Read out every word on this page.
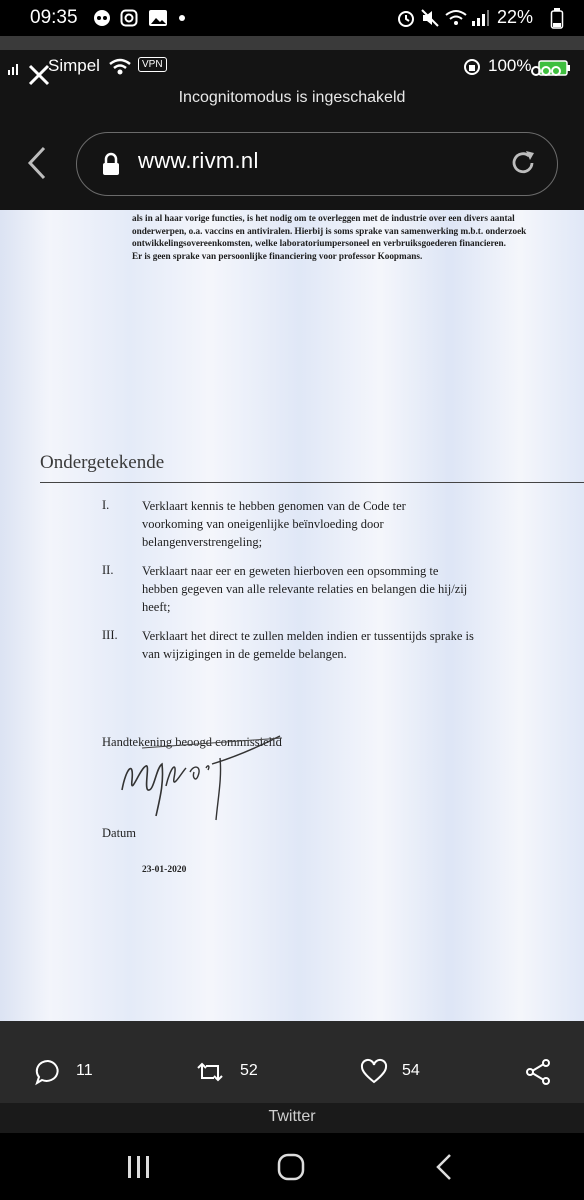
09:35	22%
Simpel	VPN	100%
Incognitomodus is ingeschakeld
www.rivm.nl
als in al haar vorige functies, is het nodig om te overleggen met de industrie over een divers aantal
onderwerpen, o.a. vaccins en antiviralen. Hierbij is soms sprake van samenwerking m.b.t. onderzoek
ontwikkelingsovereenkomsten, welke laboratoriumpersoneel en verbruiksgoederen financieren.
Er is geen sprake van persoonlijke financiering voor professor Koopmans.
Ondergetekende
I.	Verklaart kennis te hebben genomen van de Code ter
voorkoming van oneigenlijke beïnvloeding door
belangenverstrengeling;
II. Verklaart naar eer en geweten hierboven een opsomming te
hebben gegeven van alle relevante relaties en belangen die hij/zij
heeft;
III. Verklaart het direct te zullen melden indien er tussentijds sprake is
van wijzigingen in de gemelde belangen.
Handtekening beoogd commissielid
Datum
23-01-2020
11	52	54
Twitter
